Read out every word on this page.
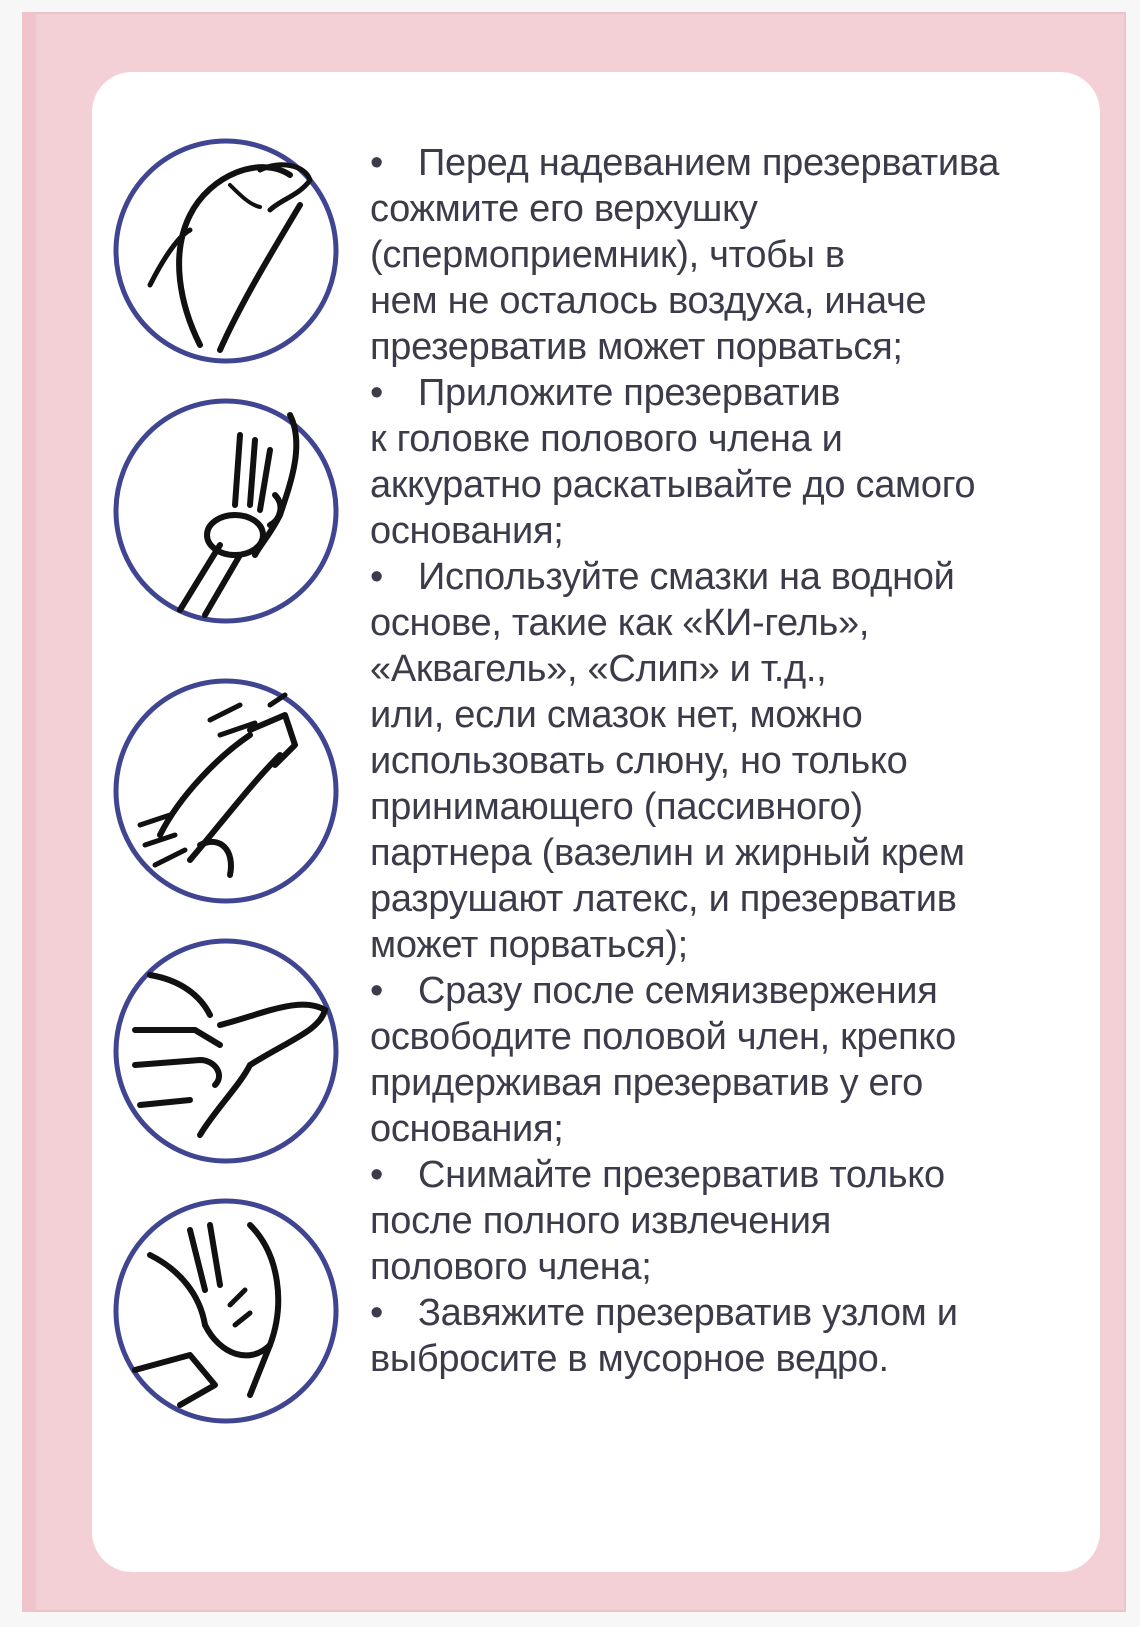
• Перед надеванием презерватива
сожмите его верхушку
(спермоприемник), чтобы в
нем не осталось воздуха, иначе
презерватив может порваться;
• Приложите презерватив
к головке полового члена и
аккуратно раскатывайте до самого
основания;
• Используйте смазки на водной
основе, такие как «КИ-гель»,
«Аквагель», «Слип» и т.д.,
или, если смазок нет, можно
использовать слюну, но только
принимающего (пассивного)
партнера (вазелин и жирный крем
разрушают латекс, и презерватив
может порваться);
• Сразу после семяизвержения
освободите половой член, крепко
придерживая презерватив у его
основания;
• Снимайте презерватив только
после полного извлечения
полового члена;
• Завяжите презерватив узлом и
выбросите в мусорное ведро.
